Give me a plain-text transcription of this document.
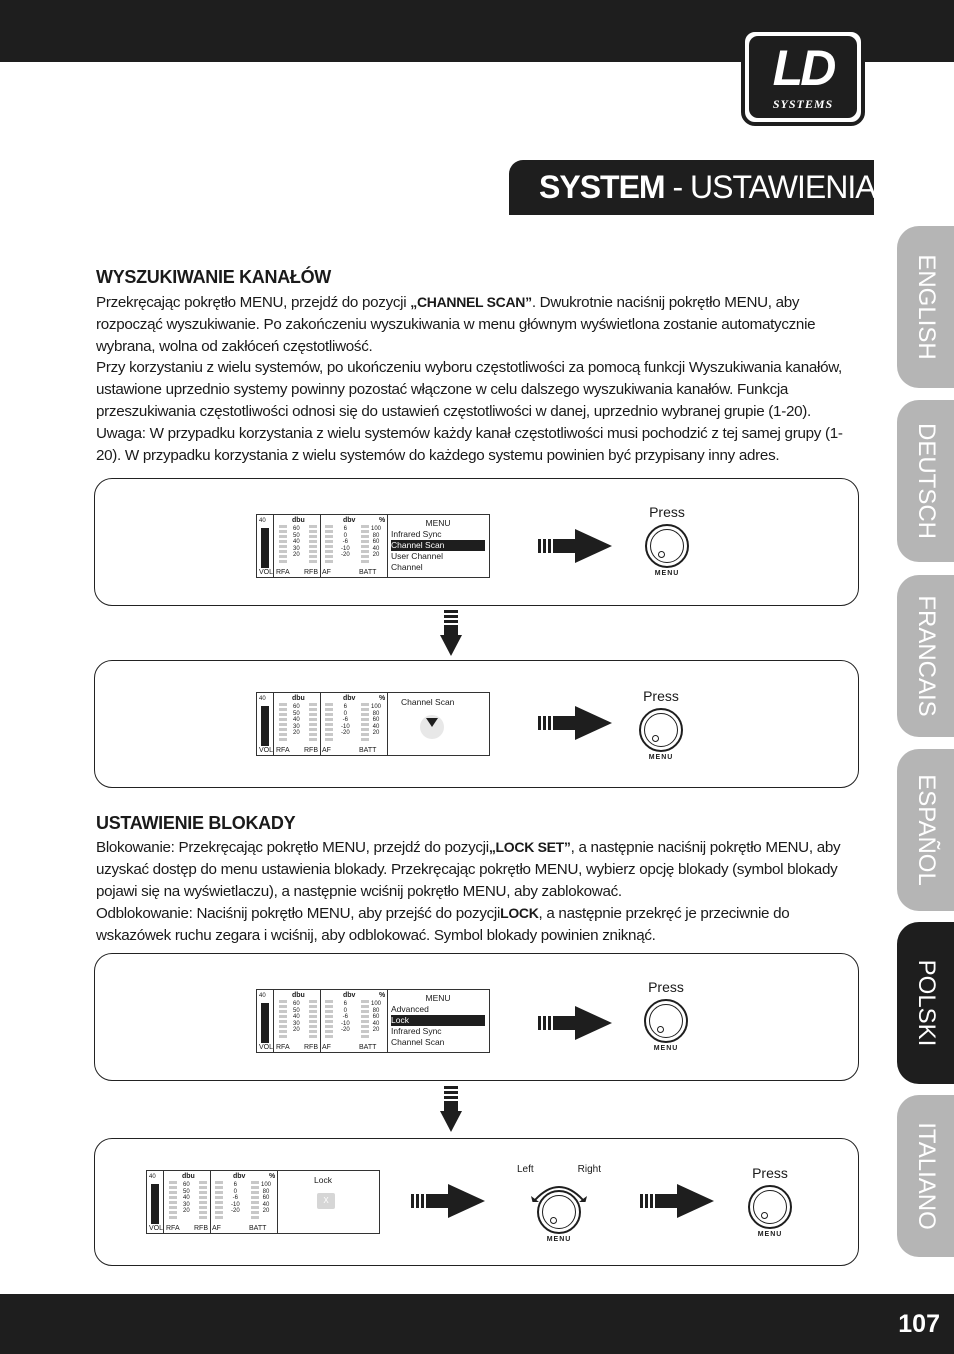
107
LD
SYSTEMS
SYSTEM - USTAWIENIA:
ENGLISH
DEUTSCH
FRANCAIS
ESPAÑOL
POLSKI
ITALIANO
WYSZUKIWANIE KANAŁÓW
Przekręcając pokrętło MENU, przejdź do pozycji „CHANNEL SCAN”. Dwukrotnie naciśnij pokrętło MENU, aby rozpocząć wyszukiwanie. Po zakończeniu wyszukiwania w menu głównym wyświetlona zostanie automatycznie wybrana, wolna od zakłóceń częstotliwość.
Przy korzystaniu z wielu systemów, po ukończeniu wyboru częstotliwości za pomocą funkcji Wyszukiwania kanałów, ustawione uprzednio systemy powinny pozostać włączone w celu dalszego wyszukiwania kanałów. Funkcja przeszukiwania częstotliwości odnosi się do ustawień częstotliwości w danej, uprzednio wybranej grupie (1-20).
Uwaga: W przypadku korzystania z wielu systemów każdy kanał częstotliwości musi pochodzić z tej samej grupy (1-20). W przypadku korzystania z wielu systemów do każdego systemu powinien być przypisany inny adres.
40
VOL
dbu
60
50
40
30
20
RFA RFB
dbv
6
0
-6
-10
-20
AF
%
100
80
60
40
20
BATT
MENU
Infrared Sync
Channel Scan
User Channel
Channel
Press
MENU
40
VOL
dbu
60
50
40
30
20
RFA RFB
dbv
6
0
-6
-10
-20
AF
%
100
80
60
40
20
BATT
Channel Scan	Press
MENU
USTAWIENIE BLOKADY
Blokowanie: Przekręcając pokrętło MENU, przejdź do pozycji„LOCK SET”, a następnie naciśnij pokrętło MENU, aby uzyskać dostęp do menu ustawienia blokady. Przekręcając pokrętło MENU, wybierz opcję blokady (symbol blokady pojawi się na wyświetlaczu), a następnie wciśnij pokrętło MENU, aby zablokować.
Odblokowanie: Naciśnij pokrętło MENU, aby przejść do pozycjiLOCK, a następnie przekręć je przeciwnie do wskazówek ruchu zegara i wciśnij, aby odblokować. Symbol blokady powinien zniknąć.
40
VOL
dbu
60
50
40
30
20
RFA RFB
dbv
6
0
-6
-10
-20
AF
%
100
80
60
40
20
BATT
MENU
Advanced
Lock
Infrared Sync
Channel Scan
Press
MENU
40
VOL
dbu
60
50
40
30
20
RFA RFB
dbv
6
0
-6
-10
-20
AF
%
100
80
60
40
20
BATT
Lock
X
Left	Right
MENU
Press
MENU
